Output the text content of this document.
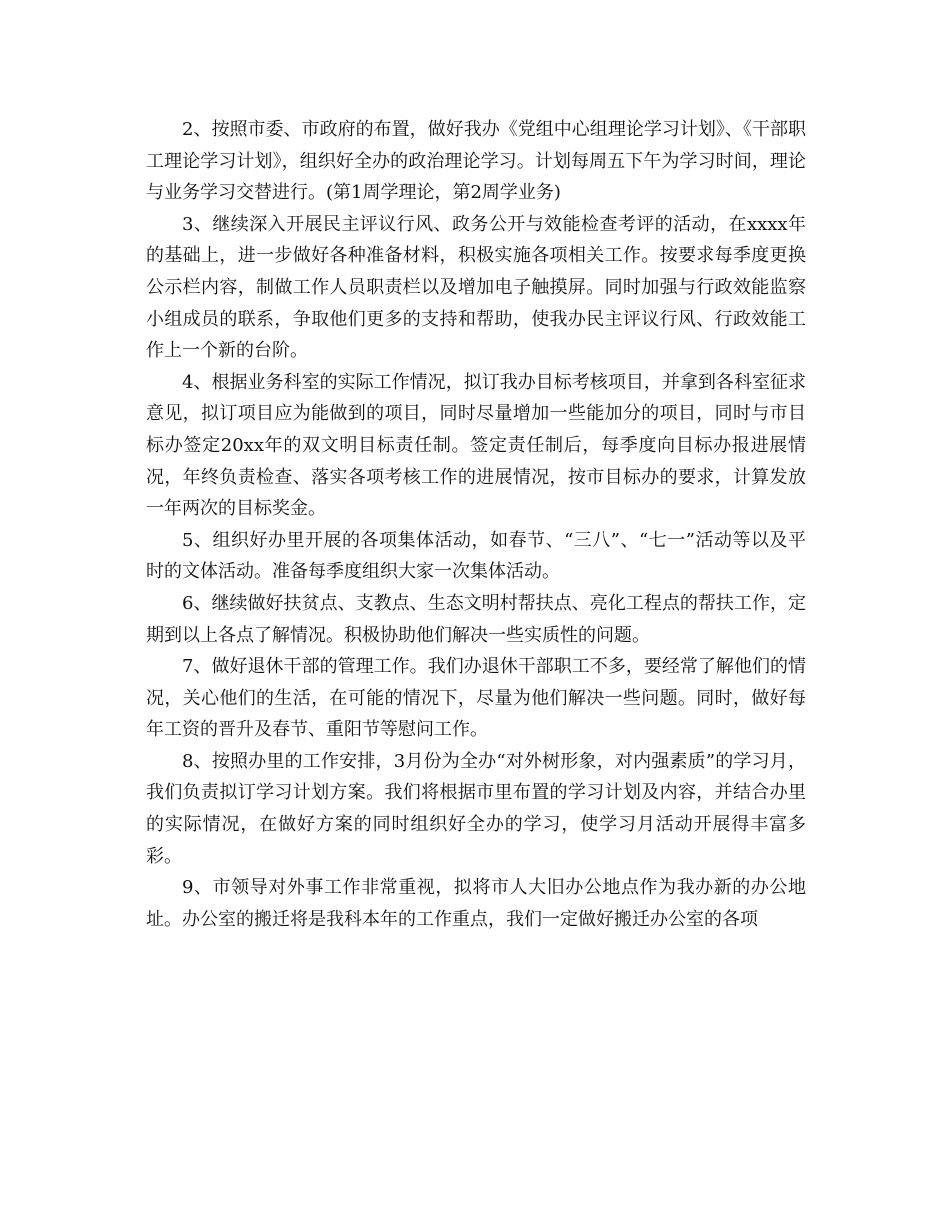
2、按照市委、市政府的布置，做好我办《党组中心组理论学习计划》、《干部职工理论学习计划》，组织好全办的政治理论学习。计划每周五下午为学习时间，理论与业务学习交替进行。(第1周学理论，第2周学业务)

3、继续深入开展民主评议行风、政务公开与效能检查考评的活动，在xxxx年的基础上，进一步做好各种准备材料，积极实施各项相关工作。按要求每季度更换公示栏内容，制做工作人员职责栏以及增加电子触摸屏。同时加强与行政效能监察小组成员的联系，争取他们更多的支持和帮助，使我办民主评议行风、行政效能工作上一个新的台阶。

4、根据业务科室的实际工作情况，拟订我办目标考核项目，并拿到各科室征求意见，拟订项目应为能做到的项目，同时尽量增加一些能加分的项目，同时与市目标办签定20xx年的双文明目标责任制。签定责任制后，每季度向目标办报进展情况，年终负责检查、落实各项考核工作的进展情况，按市目标办的要求，计算发放一年两次的目标奖金。

5、组织好办里开展的各项集体活动，如春节、“三八”、“七一”活动等以及平时的文体活动。准备每季度组织大家一次集体活动。

6、继续做好扶贫点、支教点、生态文明村帮扶点、亮化工程点的帮扶工作，定期到以上各点了解情况。积极协助他们解决一些实质性的问题。

7、做好退休干部的管理工作。我们办退休干部职工不多，要经常了解他们的情况，关心他们的生活，在可能的情况下，尽量为他们解决一些问题。同时，做好每年工资的晋升及春节、重阳节等慰问工作。

8、按照办里的工作安排，3月份为全办“对外树形象，对内强素质”的学习月，我们负责拟订学习计划方案。我们将根据市里布置的学习计划及内容，并结合办里的实际情况，在做好方案的同时组织好全办的学习，使学习月活动开展得丰富多彩。

9、市领导对外事工作非常重视，拟将市人大旧办公地点作为我办新的办公地址。办公室的搬迁将是我科本年的工作重点，我们一定做好搬迁办公室的各项
